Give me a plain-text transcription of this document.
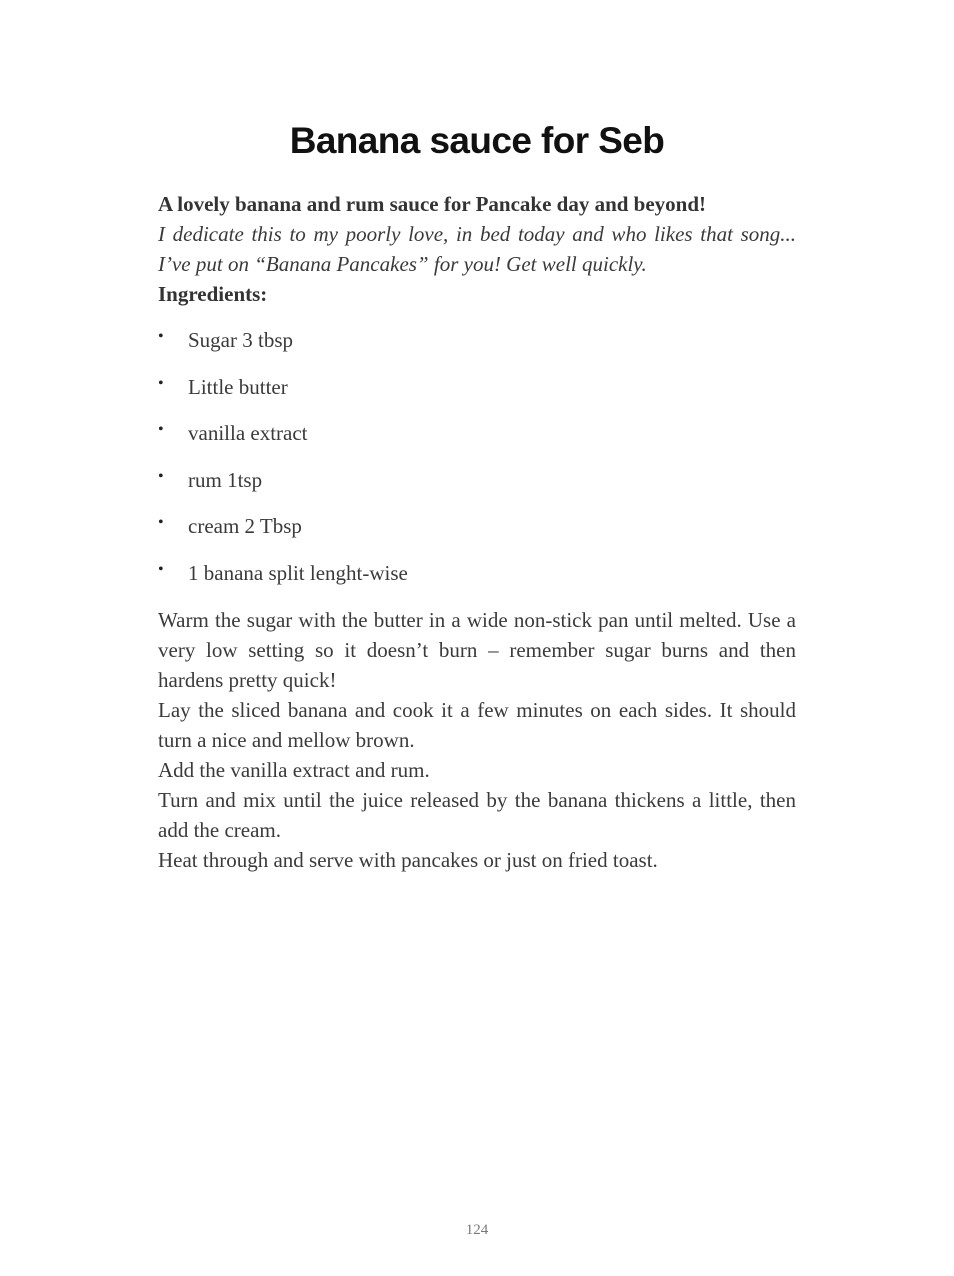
Banana sauce for Seb

A lovely banana and rum sauce for Pancake day and beyond!

I dedicate this to my poorly love, in bed today and who likes that song... I’ve put on “Banana Pancakes” for you! Get well quickly.

Ingredients:

• Sugar 3 tbsp
• Little butter
• vanilla extract
• rum 1tsp
• cream 2 Tbsp
• 1 banana split lenght-wise

Warm the sugar with the butter in a wide non-stick pan until melted. Use a very low setting so it doesn’t burn – remember sugar burns and then hardens pretty quick!

Lay the sliced banana and cook it a few minutes on each sides. It should turn a nice and mellow brown.

Add the vanilla extract and rum.

Turn and mix until the juice released by the banana thickens a little, then add the cream.

Heat through and serve with pancakes or just on fried toast.

124
